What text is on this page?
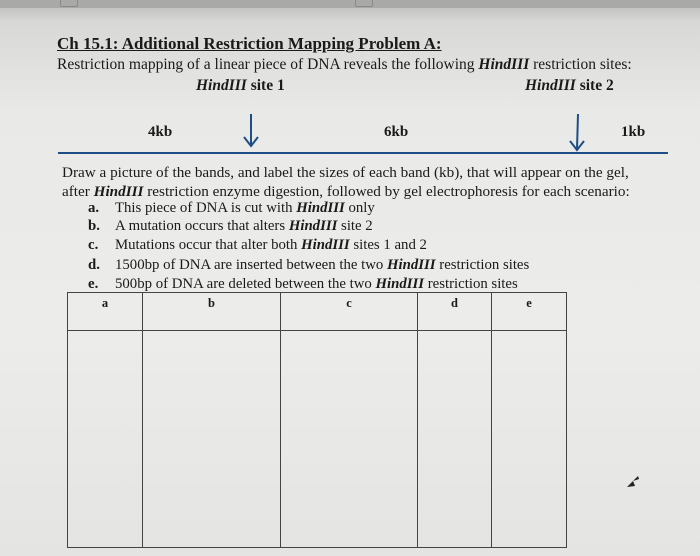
Ch 15.1: Additional Restriction Mapping Problem A:
Restriction mapping of a linear piece of DNA reveals the following HindIII restriction sites:
HindIII site 1	HindIII site 2
4kb	6kb	1kb
Draw a picture of the bands, and label the sizes of each band (kb), that will appear on the gel,
after HindIII restriction enzyme digestion, followed by gel electrophoresis for each scenario:
a. This piece of DNA is cut with HindIII only
b. A mutation occurs that alters HindIII site 2
c. Mutations occur that alter both HindIII sites 1 and 2
d. 1500bp of DNA are inserted between the two HindIII restriction sites
e. 500bp of DNA are deleted between the two HindIII restriction sites
a	b	c	d	e
